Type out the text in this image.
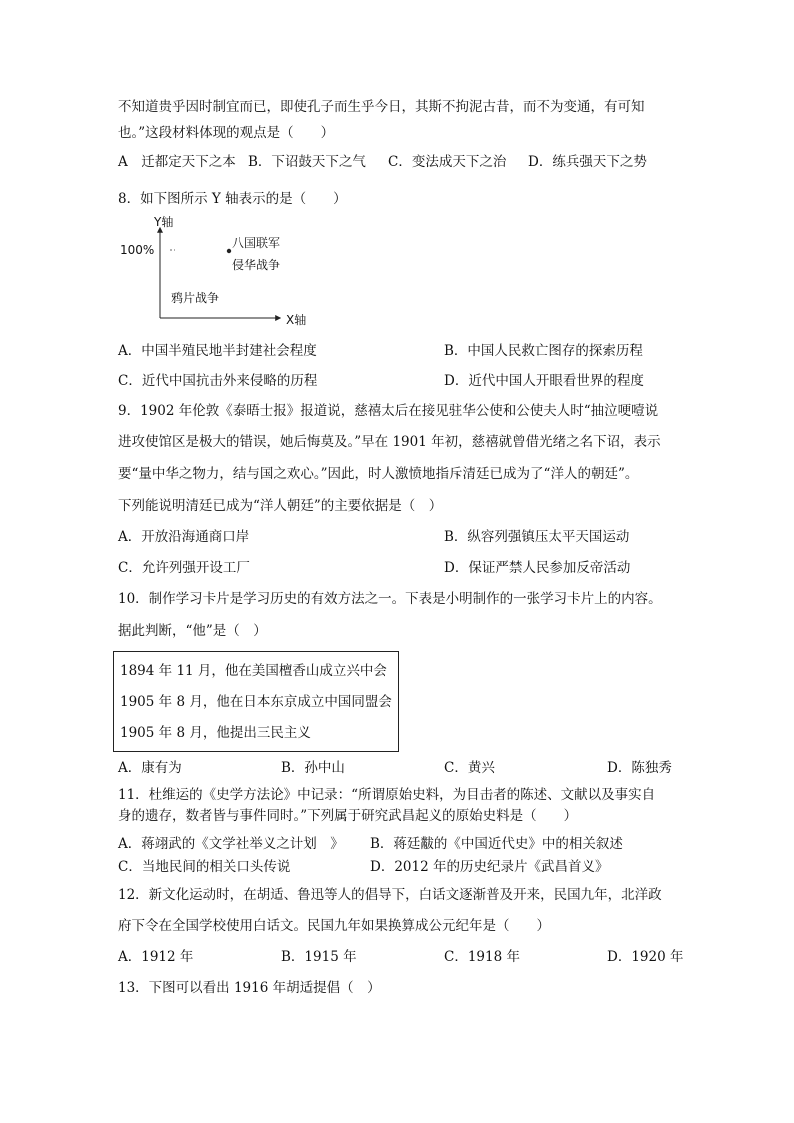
不知道贵乎因时制宜而已，即使孔子而生乎今日，其斯不拘泥古昔，而不为变通，有可知
也。”这段材料体现的观点是（　　）
A　迁都定天下之本 B．下诏鼓天下之气 C．变法成天下之治 D．练兵强天下之势
8．如下图所示 Y 轴表示的是（　　）
Y轴
100%	八国联军
侵华战争
鸦片战争
X轴
A．中国半殖民地半封建社会程度	B．中国人民救亡图存的探索历程
C．近代中国抗击外来侵略的历程	D．近代中国人开眼看世界的程度
9．1902 年伦敦《泰晤士报》报道说，慈禧太后在接见驻华公使和公使夫人时“抽泣哽噎说
进攻使馆区是极大的错误，她后悔莫及。”早在 1901 年初，慈禧就曾借光绪之名下诏，表示
要“量中华之物力，结与国之欢心。”因此，时人激愤地指斥清廷已成为了“洋人的朝廷”。
下列能说明清廷已成为“洋人朝廷”的主要依据是（　）
A．开放沿海通商口岸	B．纵容列强镇压太平天国运动
C．允许列强开设工厂	D．保证严禁人民参加反帝活动
10．制作学习卡片是学习历史的有效方法之一。下表是小明制作的一张学习卡片上的内容。
据此判断，“他”是（　）
1894 年 11 月，他在美国檀香山成立兴中会
1905 年 8 月，他在日本东京成立中国同盟会
1905 年 8 月，他提出三民主义
A．康有为	B．孙中山	C．黄兴	D．陈独秀
11．杜维运的《史学方法论》中记录：“所谓原始史料，为目击者的陈述、文献以及事实自
身的遗存，数者皆与事件同时。”下列属于研究武昌起义的原始史料是（　　）
A．蒋翊武的《文学社举义之计划　》 B．蒋廷黻的《中国近代史》中的相关叙述
C．当地民间的相关口头传说	D．2012 年的历史纪录片《武昌首义》
12．新文化运动时，在胡适、鲁迅等人的倡导下，白话文逐渐普及开来，民国九年，北洋政
府下令在全国学校使用白话文。民国九年如果换算成公元纪年是（　　）
A．1912 年	B．1915 年	C．1918 年	D．1920 年
13．下图可以看出 1916 年胡适提倡（　）
